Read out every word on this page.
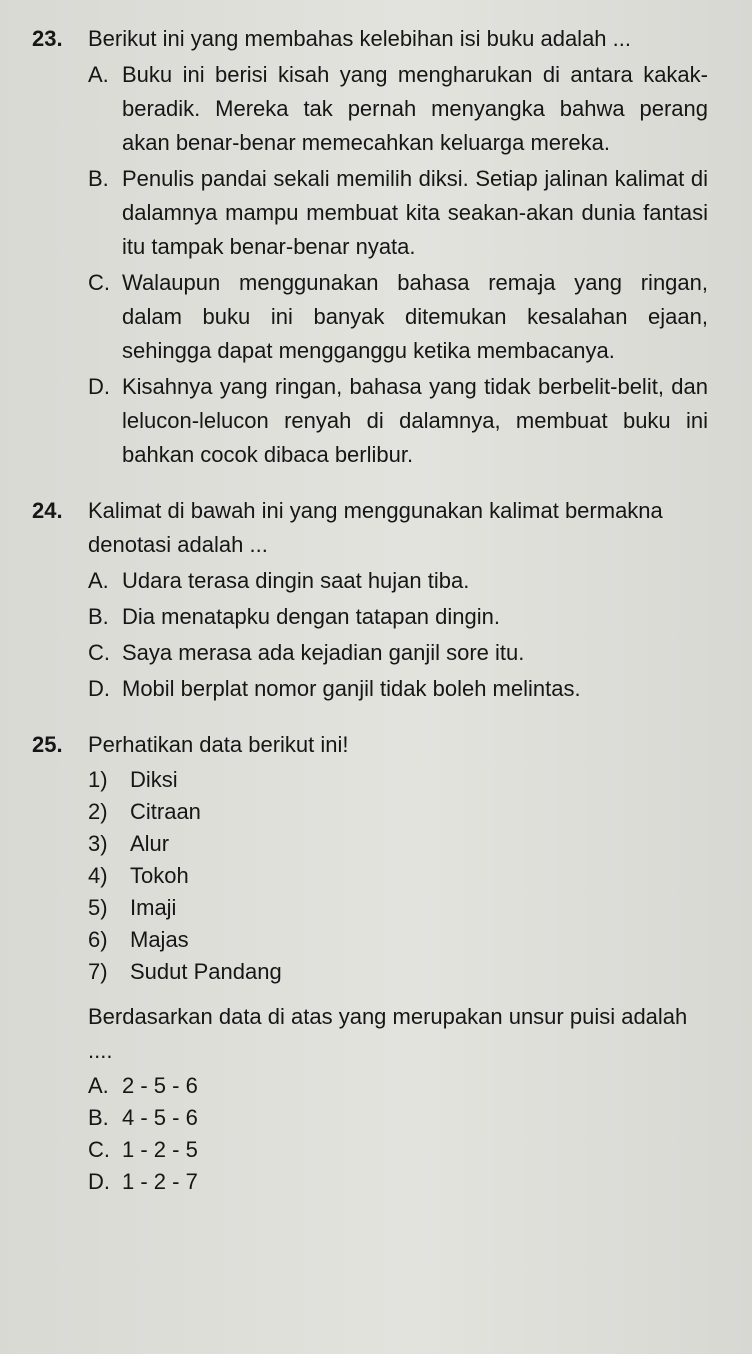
23.	Berikut ini yang membahas kelebihan isi buku adalah ...
A. Buku ini berisi kisah yang mengharukan di antara kakak-beradik. Mereka tak pernah menyangka bahwa perang akan benar-benar memecahkan keluarga mereka.
B. Penulis pandai sekali memilih diksi. Setiap jalinan kalimat di dalamnya mampu membuat kita seakan-akan dunia fantasi itu tampak benar-benar nyata.
C. Walaupun menggunakan bahasa remaja yang ringan, dalam buku ini banyak ditemukan kesalahan ejaan, sehingga dapat mengganggu ketika membacanya.
D. Kisahnya yang ringan, bahasa yang tidak berbelit-belit, dan lelucon-lelucon renyah di dalamnya, membuat buku ini bahkan cocok dibaca berlibur.
24.	Kalimat di bawah ini yang menggunakan kalimat bermakna denotasi adalah ...
A. Udara terasa dingin saat hujan tiba.
B. Dia menatapku dengan tatapan dingin.
C. Saya merasa ada kejadian ganjil sore itu.
D. Mobil berplat nomor ganjil tidak boleh melintas.
25.	Perhatikan data berikut ini!
1) Diksi
2) Citraan
3) Alur
4) Tokoh
5) Imaji
6) Majas
7) Sudut Pandang
Berdasarkan data di atas yang merupakan unsur puisi adalah ....
A. 2 - 5 - 6
B. 4 - 5 - 6
C. 1 - 2 - 5
D. 1 - 2 - 7
